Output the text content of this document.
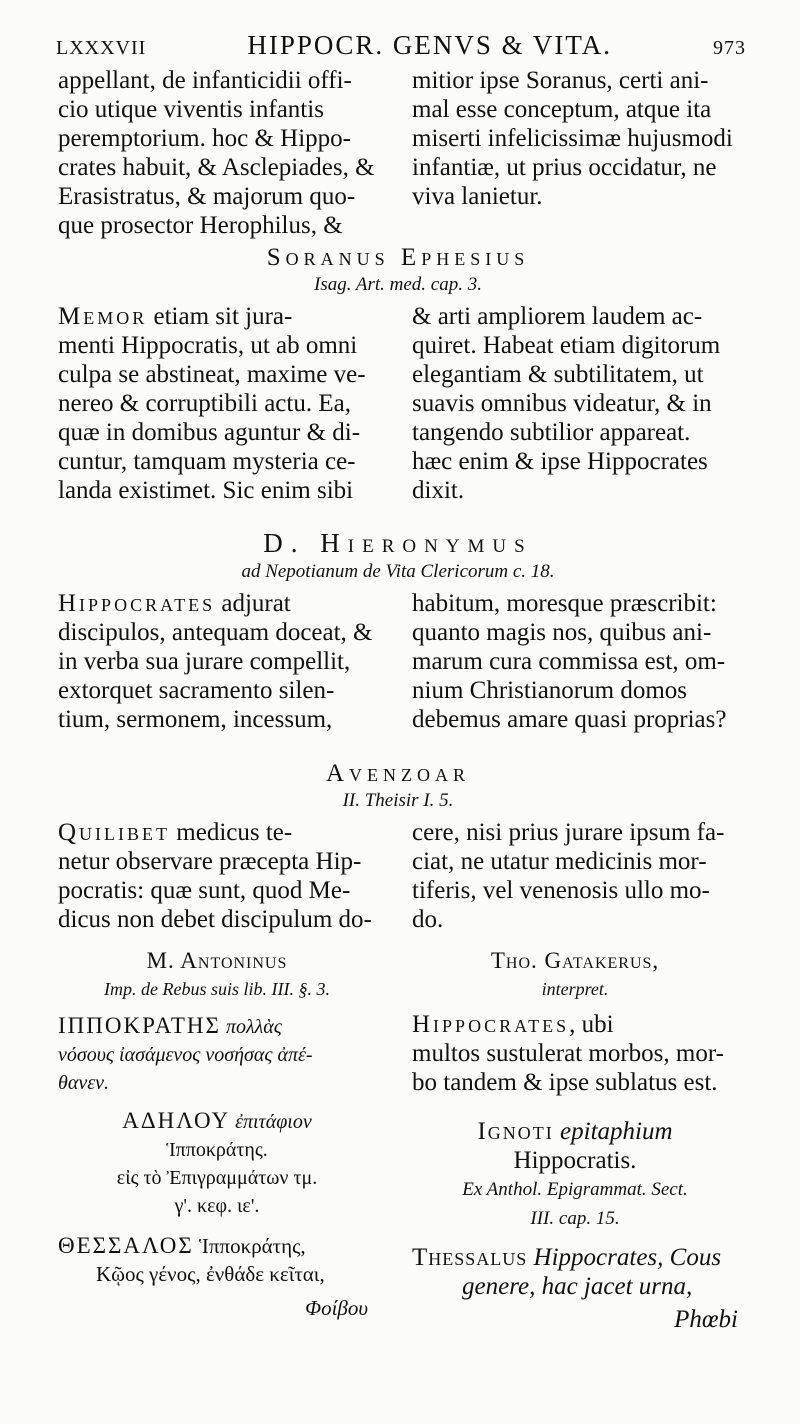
LXXXVII	HIPPOCR. GENVS & VITA.	973
appellant, de infanticidii offi-
cio utique viventis infantis
peremptorium. hoc & Hippo-
crates habuit, & Asclepiades, &
Erasistratus, & majorum quo-
que prosector Herophilus, &
mitior ipse Soranus, certi ani-
mal esse conceptum, atque ita
miserti infelicissimæ hujusmodi
infantiæ, ut prius occidatur, ne
viva lanietur.
Soranus Ephesius
Isag. Art. med. cap. 3.
Memor etiam sit jura-
menti Hippocratis, ut ab omni
culpa se abstineat, maxime ve-
nereo & corruptibili actu. Ea,
quæ in domibus aguntur & di-
cuntur, tamquam mysteria ce-
landa existimet. Sic enim sibi
& arti ampliorem laudem ac-
quiret. Habeat etiam digitorum
elegantiam & subtilitatem, ut
suavis omnibus videatur, & in
tangendo subtilior appareat.
hæc enim & ipse Hippocrates
dixit.
D. Hieronymus
ad Nepotianum de Vita Clericorum c. 18.
Hippocrates adjurat
discipulos, antequam doceat, &
in verba sua jurare compellit,
extorquet sacramento silen-
tium, sermonem, incessum,
habitum, moresque præscribit:
quanto magis nos, quibus ani-
marum cura commissa est, om-
nium Christianorum domos
debemus amare quasi proprias?
Avenzoar
II. Theisir I. 5.
Quilibet medicus te-
netur observare præcepta Hip-
pocratis: quæ sunt, quod Me-
dicus non debet discipulum do-
cere, nisi prius jurare ipsum fa-
ciat, ne utatur medicinis mor-
tiferis, vel venenosis ullo mo-
do.
M. Antoninus
Imp. de Rebus suis lib. III. §. 3.
ΙΠΠΟΚΡΑΤΗΣ πολλὰς
νόσους ἰασάμενος νοσήσας ἀπέ-
θανεν.
ΑΔΗΛΟΥ ἐπιτάφιον
Ἱπποκράτης.
εἰς τὸ Ἐπιγραμμάτων τμ.
γ'. κεφ. ιε'.
ΘΕΣΣΑΛΟΣ Ἱπποκράτης,
Κῷος γένος, ἐνθάδε κεῖται,
Φοίβου
Tho. Gatakerus,
interpret.
Hippocrates, ubi
multos sustulerat morbos, mor-
bo tandem & ipse sublatus est.
Ignoti epitaphium
Hippocratis.
Ex Anthol. Epigrammat. Sect.
III. cap. 15.
Thessalus Hippocrates, Cous
genere, hac jacet urna,
Phœbi
